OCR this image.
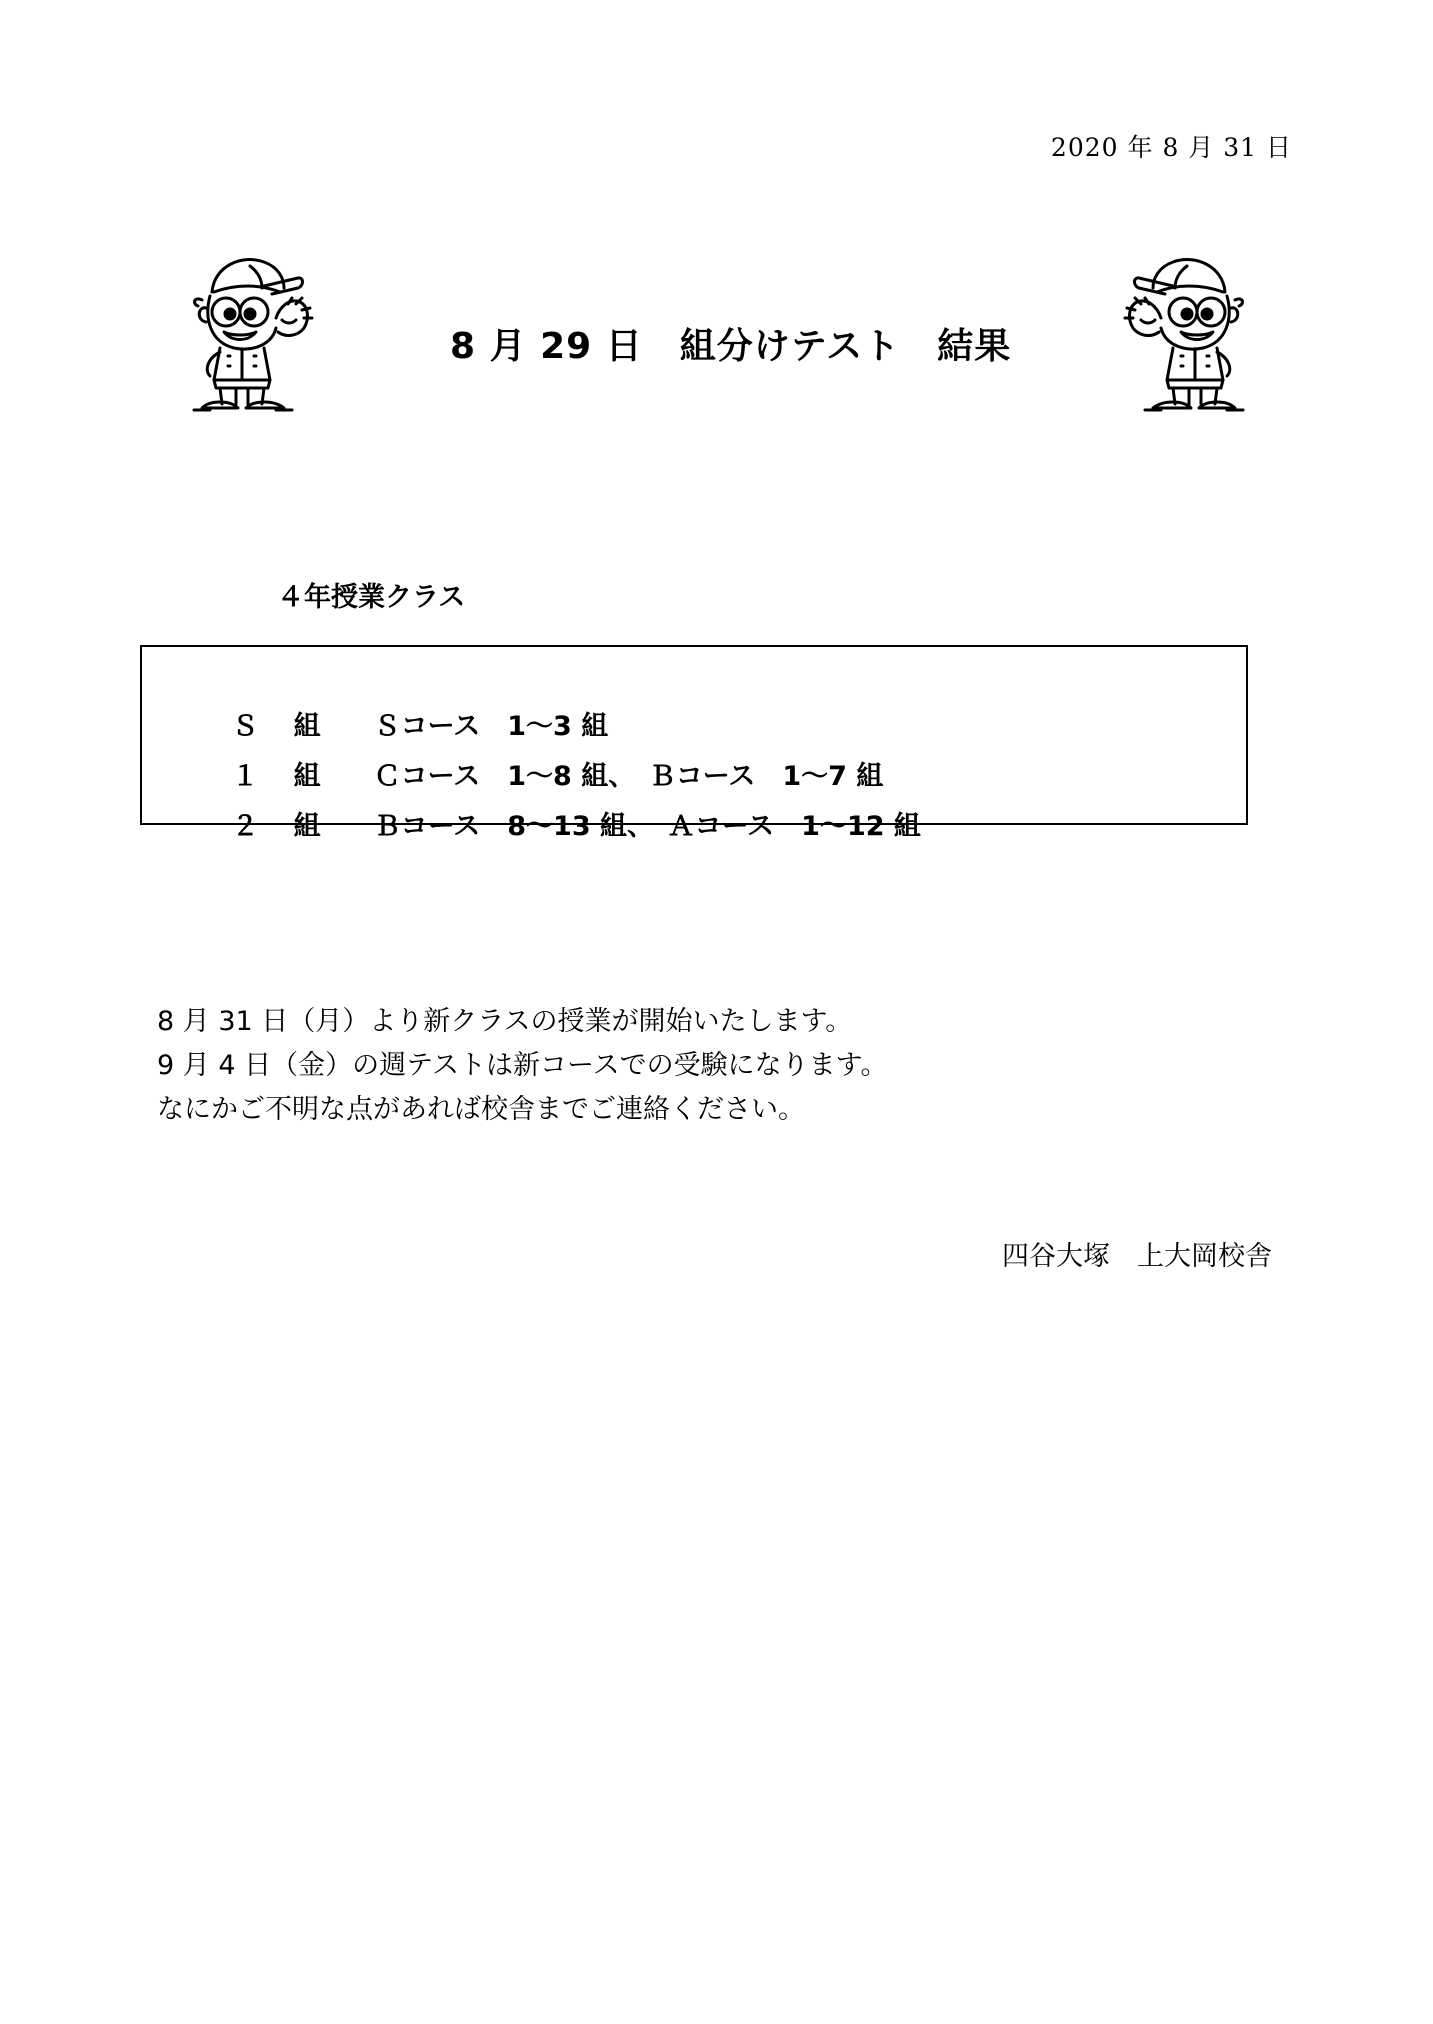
2020 年 8 月 31 日
8 月 29 日　組分けテスト　結果
４年授業クラス

Ｓ 組 Ｓコース　1～3 組

１ 組 Ｃコース　1～8 組、　Ｂコース　1～7 組

２ 組 Ｂコース　8～13 組、　Ａコース　1～12 組

8 月 31 日（月）より新クラスの授業が開始いたします。
9 月 4 日（金）の週テストは新コースでの受験になります。
なにかご不明な点があれば校舎までご連絡ください。
四谷大塚　上大岡校舎
